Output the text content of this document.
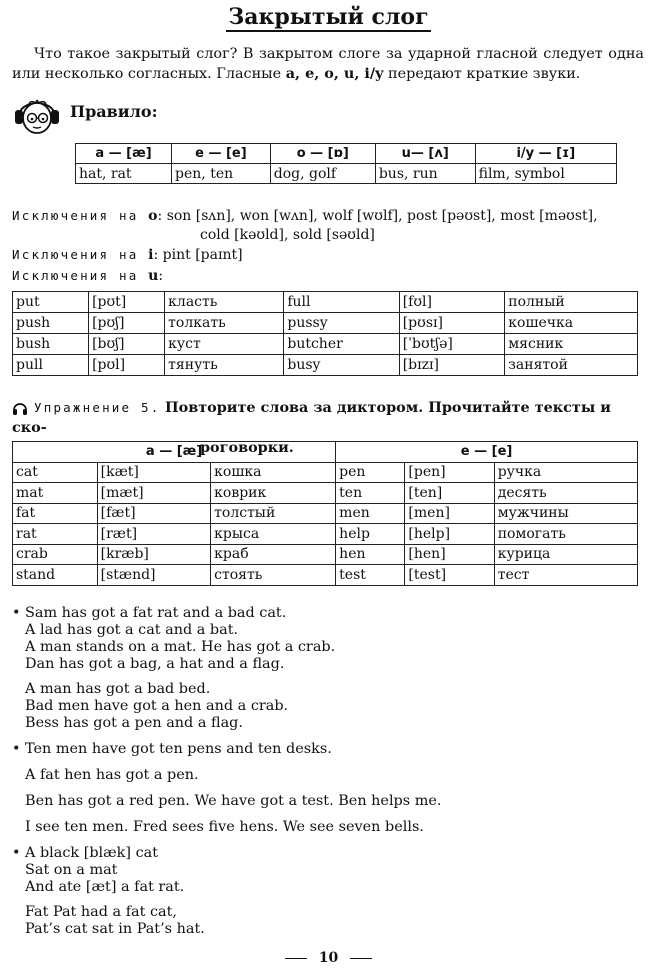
Закрытый слог
Что такое закрытый слог? В закрытом слоге за ударной гласной следует одна или несколько согласных. Гласные a, e, o, u, i/y передают краткие звуки.
Правило:
a — [æ]	e — [e]	o — [ɒ]	u— [ʌ]	i/y — [ɪ]
hat, rat	pen, ten	dog, golf	bus, run	film, symbol
Исключения на o: son [sʌn], won [wʌn], wolf [wʊlf], post [pəʊst], most [məʊst],
cold [kəʊld], sold [səʊld]
Исключения на i: pint [paɪnt]
Исключения на u:
put	[pʊt]	класть	full	[fʊl]	полный
push	[pʊʃ]	толкать	pussy	[pʊsɪ]	кошечка
bush	[bʊʃ]	куст	butcher	[ˈbʊtʃə]	мясник
pull	[pʊl]	тянуть	busy	[bɪzɪ]	занятой
Упражнение 5. Повторите слова за диктором. Прочитайте тексты и ско-
роговорки.
a — [æ]			e — [e]		
cat	[kæt]	кошка	pen	[pen]	ручка
mat	[mæt]	коврик	ten	[ten]	десять
fat	[fæt]	толстый	men	[men]	мужчины
rat	[ræt]	крыса	help	[help]	помогать
crab	[kræb]	краб	hen	[hen]	курица
stand	[stænd]	стоять	test	[test]	тест
• Sam has got a fat rat and a bad cat.
A lad has got a cat and a bat.
A man stands on a mat. He has got a crab.
Dan has got a bag, a hat and a flag.
A man has got a bad bed.
Bad men have got a hen and a crab.
Bess has got a pen and a flag.
• Ten men have got ten pens and ten desks.
A fat hen has got a pen.
Ben has got a red pen. We have got a test. Ben helps me.
I see ten men. Fred sees five hens. We see seven bells.
• A black [blæk] cat
Sat on a mat
And ate [æt] a fat rat.
Fat Pat had a fat cat,
Pat’s cat sat in Pat’s hat.
10
